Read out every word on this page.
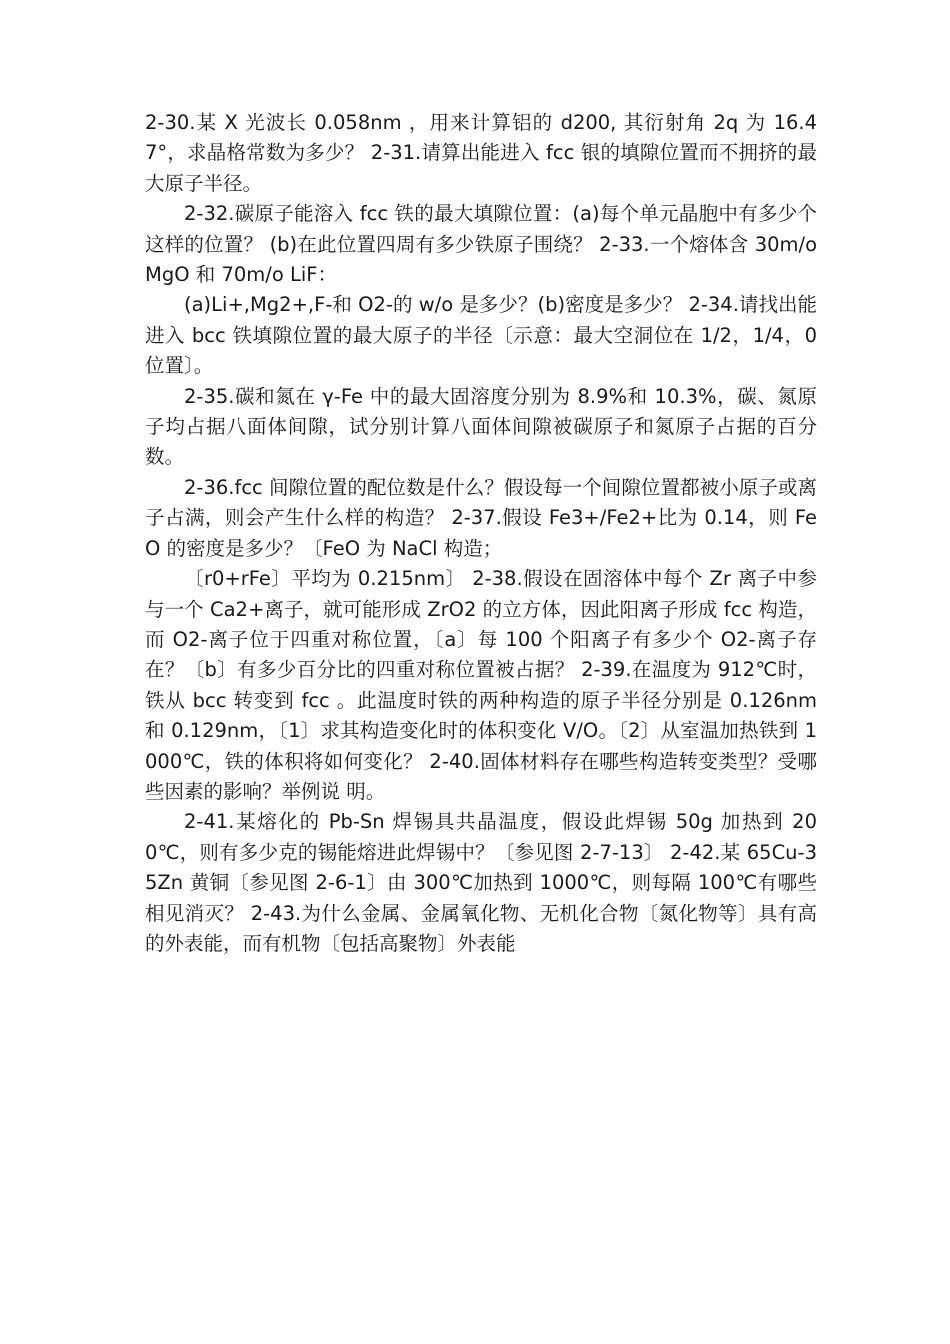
2-30.某 X 光波长 0.058nm ，用来计算铝的 d200, 其衍射角 2q 为 16.47°，求晶格常数为多少？ 2-31.请算出能进入 fcc 银的填隙位置而不拥挤的最大原子半径。

2-32.碳原子能溶入 fcc 铁的最大填隙位置：(a)每个单元晶胞中有多少个这样的位置？ (b)在此位置四周有多少铁原子围绕？ 2-33.一个熔体含 30m/o MgO 和 70m/o LiF：

(a)Li+,Mg2+,F-和 O2-的 w/o 是多少？(b)密度是多少？ 2-34.请找出能进入 bcc 铁填隙位置的最大原子的半径〔示意：最大空洞位在 1/2，1/4，0 位置〕。

2-35.碳和氮在 γ-Fe 中的最大固溶度分别为 8.9%和 10.3%，碳、氮原子均占据八面体间隙，试分别计算八面体间隙被碳原子和氮原子占据的百分数。

2-36.fcc 间隙位置的配位数是什么？假设每一个间隙位置都被小原子或离子占满，则会产生什么样的构造？ 2-37.假设 Fe3+/Fe2+比为 0.14，则 FeO 的密度是多少？〔FeO 为 NaCl 构造；

〔r0+rFe〕平均为 0.215nm〕 2-38.假设在固溶体中每个 Zr 离子中参与一个 Ca2+离子，就可能形成 ZrO2 的立方体，因此阳离子形成 fcc 构造，而 O2-离子位于四重对称位置，〔a〕每 100 个阳离子有多少个 O2-离子存在？〔b〕有多少百分比的四重对称位置被占据？ 2-39.在温度为 912℃时，铁从 bcc 转变到 fcc 。此温度时铁的两种构造的原子半径分别是 0.126nm 和 0.129nm，〔1〕求其构造变化时的体积变化 V/O。〔2〕从室温加热铁到 1000℃，铁的体积将如何变化？ 2-40.固体材料存在哪些构造转变类型？受哪些因素的影响？举例说 明。

2-41.某熔化的 Pb-Sn 焊锡具共晶温度，假设此焊锡 50g 加热到 200℃，则有多少克的锡能熔进此焊锡中？〔参见图 2-7-13〕 2-42.某 65Cu-35Zn 黄铜〔参见图 2-6-1〕由 300℃加热到 1000℃，则每隔 100℃有哪些相见消灭？ 2-43.为什么金属、金属氧化物、无机化合物〔氮化物等〕具有高的外表能，而有机物〔包括高聚物〕外表能
